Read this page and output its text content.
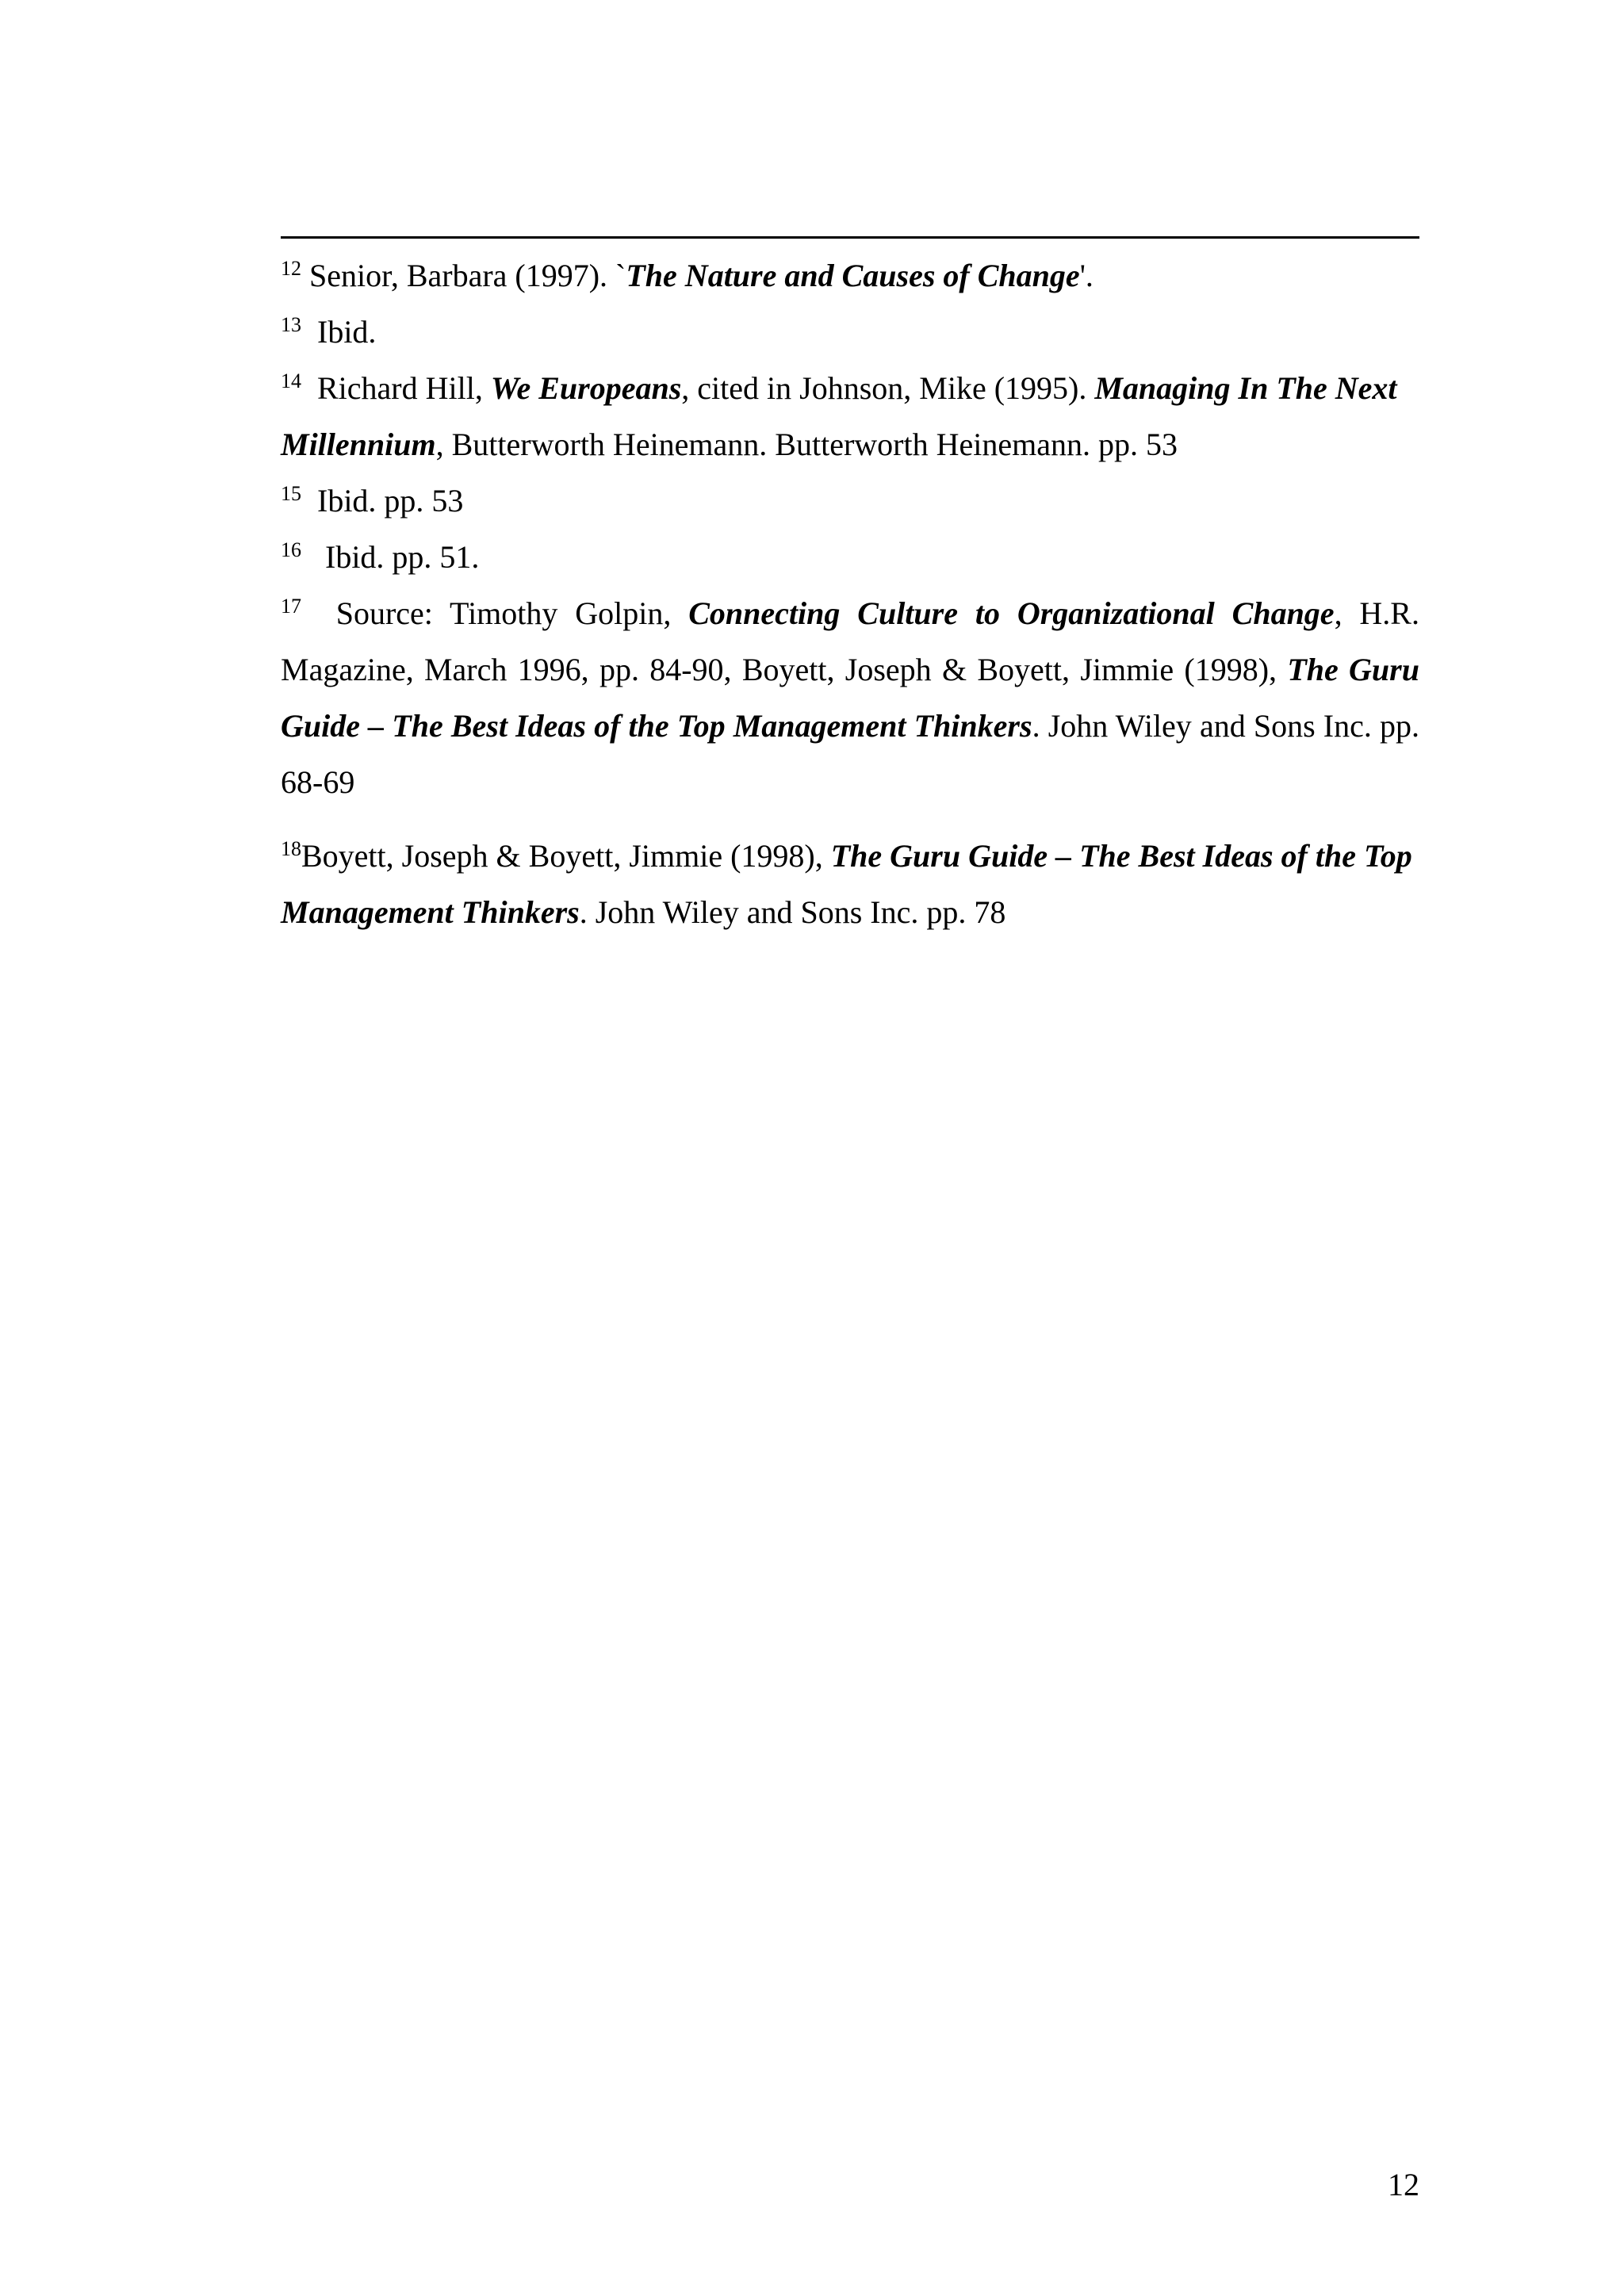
$^{12}$ Senior, Barbara (1997). `The Nature and Causes of Change'.

$^{13}$ Ibid.

$^{14}$ Richard Hill, We Europeans, cited in Johnson, Mike (1995). Managing In The Next Millennium, Butterworth Heinemann. Butterworth Heinemann. pp. 53

$^{15}$ Ibid. pp. 53

$^{16}$ Ibid. pp. 51.

$^{17}$ Source: Timothy Golpin, Connecting Culture to Organizational Change, H.R. Magazine, March 1996, pp. 84-90, Boyett, Joseph & Boyett, Jimmie (1998), The Guru Guide – The Best Ideas of the Top Management Thinkers. John Wiley and Sons Inc. pp. 68-69

$^{18}$Boyett, Joseph & Boyett, Jimmie (1998), The Guru Guide – The Best Ideas of the Top Management Thinkers. John Wiley and Sons Inc. pp. 78

12
